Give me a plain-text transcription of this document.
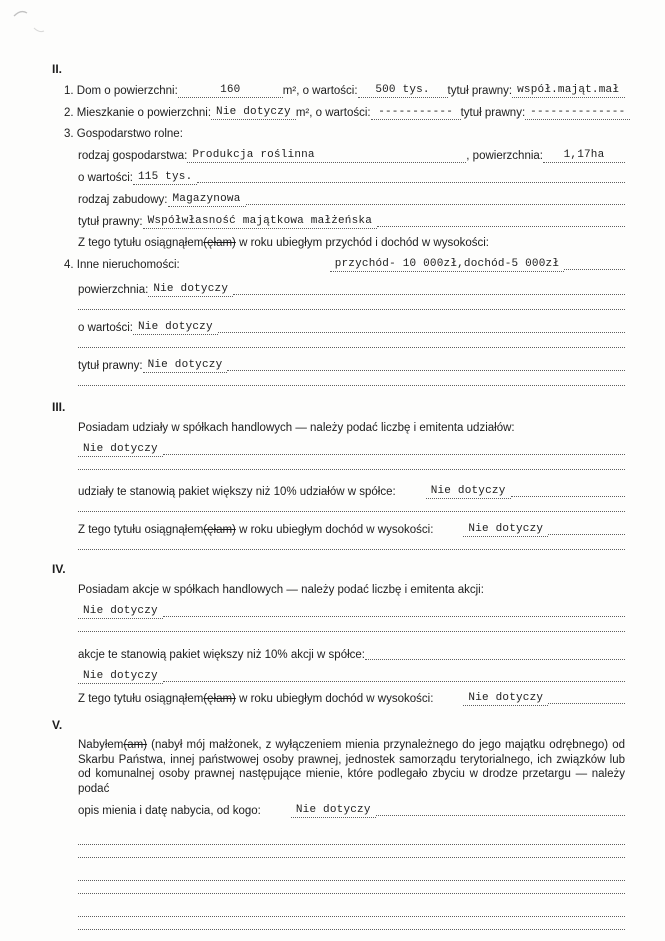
II.
1. Dom o powierzchni:	160	m², o wartości:	500 tys.	tytuł prawny: współ.mająt.mał
2. Mieszkanie o powierzchni: Nie dotyczy m², o wartości: ----------- tytuł prawny: --------------
3. Gospodarstwo rolne:
rodzaj gospodarstwa: Produkcja roślinna	, powierzchnia:	1,17ha
o wartości: 115 tys.
rodzaj zabudowy: Magazynowa
tytuł prawny: Współwłasność majątkowa małżeńska
Z tego tytułu osiągnąłem(ęłam) w roku ubiegłym przychód i dochód w wysokości:
4. Inne nieruchomości:	przychód- 10 000zł,dochód-5 000zł
powierzchnia: Nie dotyczy
o wartości: Nie dotyczy
tytuł prawny: Nie dotyczy
III.
Posiadam udziały w spółkach handlowych — należy podać liczbę i emitenta udziałów:
Nie dotyczy
udziały te stanowią pakiet większy niż 10% udziałów w spółce:	Nie dotyczy
Z tego tytułu osiągnąłem(ęłam) w roku ubiegłym dochód w wysokości:	Nie dotyczy
IV.
Posiadam akcje w spółkach handlowych — należy podać liczbę i emitenta akcji:
Nie dotyczy
akcje te stanowią pakiet większy niż 10% akcji w spółce:
Nie dotyczy
Z tego tytułu osiągnąłem(ęłam) w roku ubiegłym dochód w wysokości:	Nie dotyczy
V.
Nabyłem(am) (nabył mój małżonek, z wyłączeniem mienia przynależnego do jego majątku odrębnego) od Skarbu Państwa, innej państwowej osoby prawnej, jednostek samorządu terytorialnego, ich związków lub od komunalnej osoby prawnej następujące mienie, które podlegało zbyciu w drodze przetargu — należy podać
opis mienia i datę nabycia, od kogo:	Nie dotyczy
